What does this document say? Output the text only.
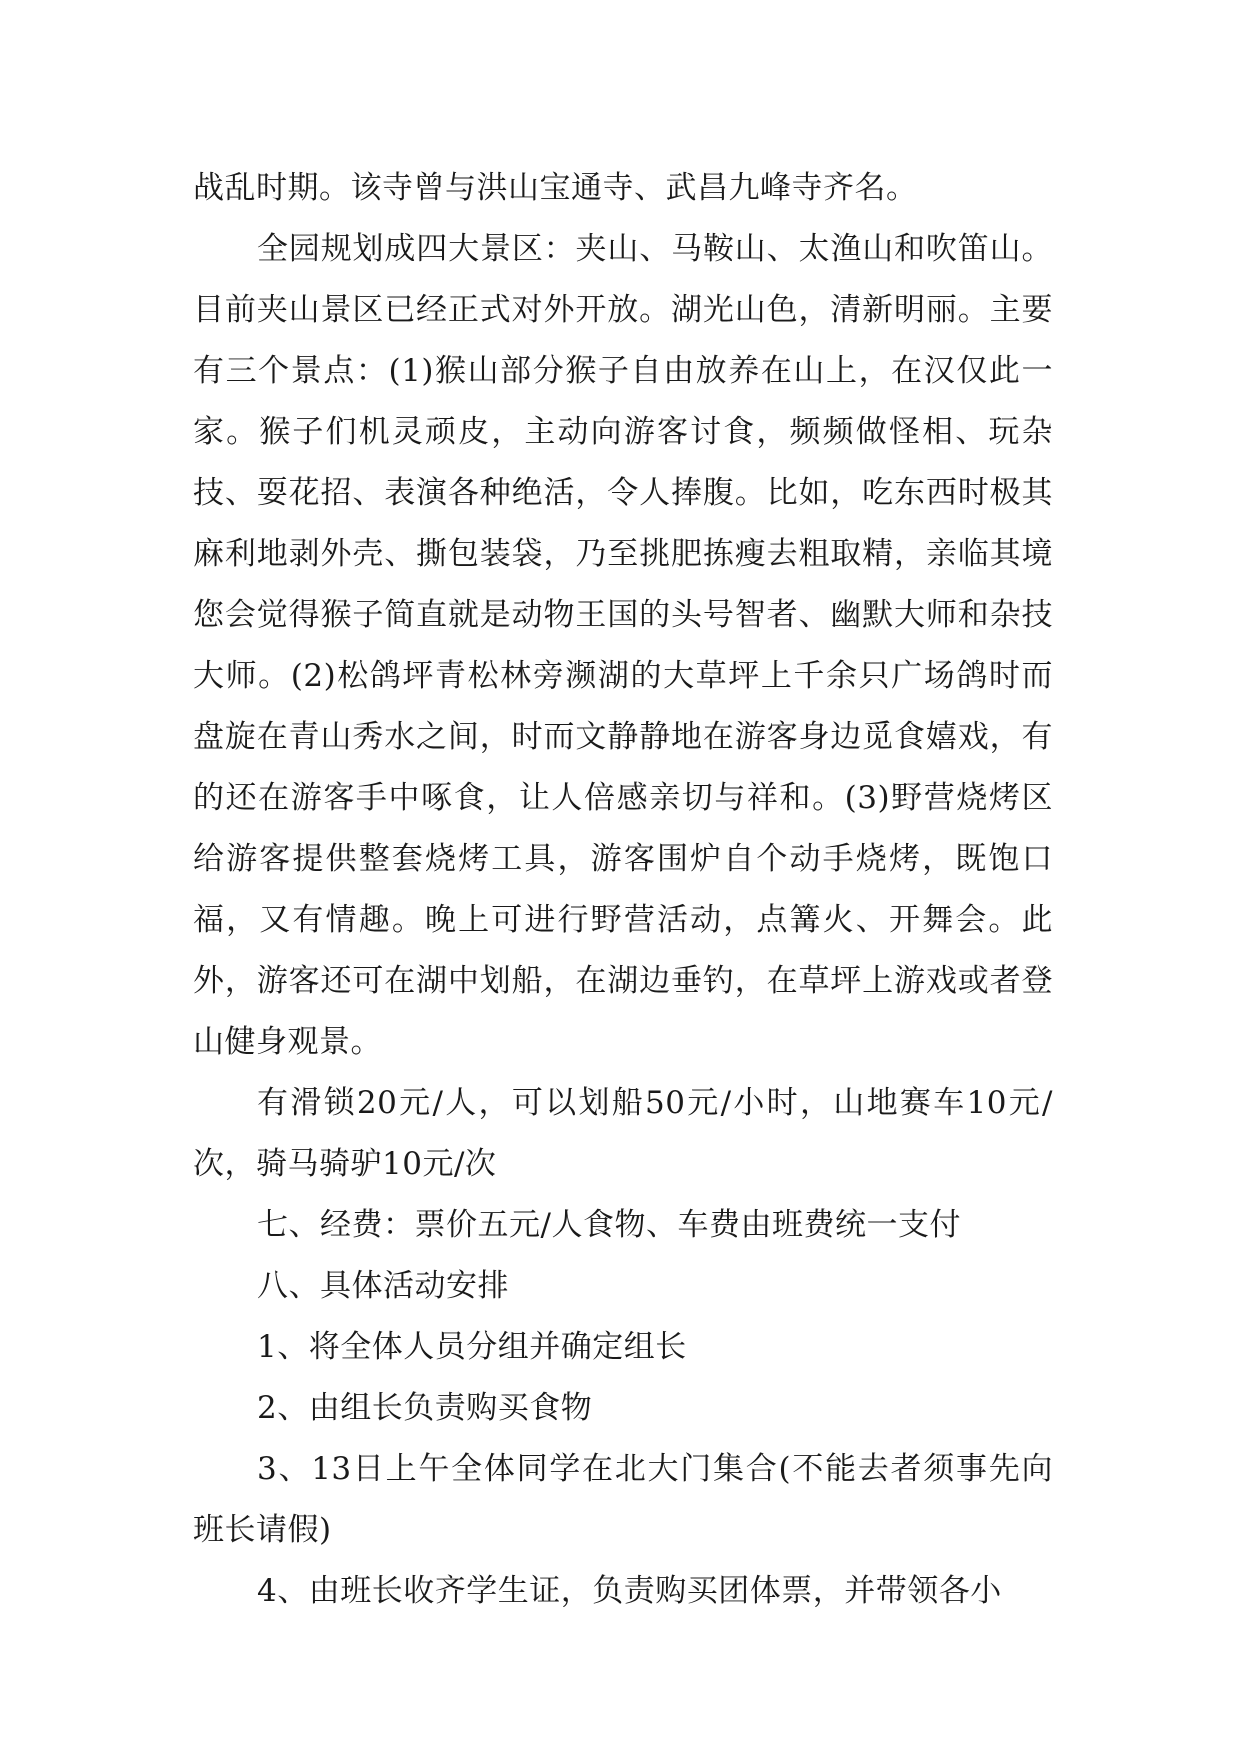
战乱时期。该寺曾与洪山宝通寺、武昌九峰寺齐名。

全园规划成四大景区：夹山、马鞍山、太渔山和吹笛山。目前夹山景区已经正式对外开放。湖光山色，清新明丽。主要有三个景点：(1)猴山部分猴子自由放养在山上，在汉仅此一家。猴子们机灵顽皮，主动向游客讨食，频频做怪相、玩杂技、耍花招、表演各种绝活，令人捧腹。比如，吃东西时极其麻利地剥外壳、撕包装袋，乃至挑肥拣瘦去粗取精，亲临其境您会觉得猴子简直就是动物王国的头号智者、幽默大师和杂技大师。(2)松鸽坪青松林旁濒湖的大草坪上千余只广场鸽时而盘旋在青山秀水之间，时而文静静地在游客身边觅食嬉戏，有的还在游客手中啄食，让人倍感亲切与祥和。(3)野营烧烤区给游客提供整套烧烤工具，游客围炉自个动手烧烤，既饱口福，又有情趣。晚上可进行野营活动，点篝火、开舞会。此外，游客还可在湖中划船，在湖边垂钓，在草坪上游戏或者登山健身观景。

有滑锁20元/人，可以划船50元/小时，山地赛车10元/次，骑马骑驴10元/次

七、经费：票价五元/人食物、车费由班费统一支付

八、具体活动安排

1、将全体人员分组并确定组长

2、由组长负责购买食物

3、13日上午全体同学在北大门集合(不能去者须事先向班长请假)

4、由班长收齐学生证，负责购买团体票，并带领各小
